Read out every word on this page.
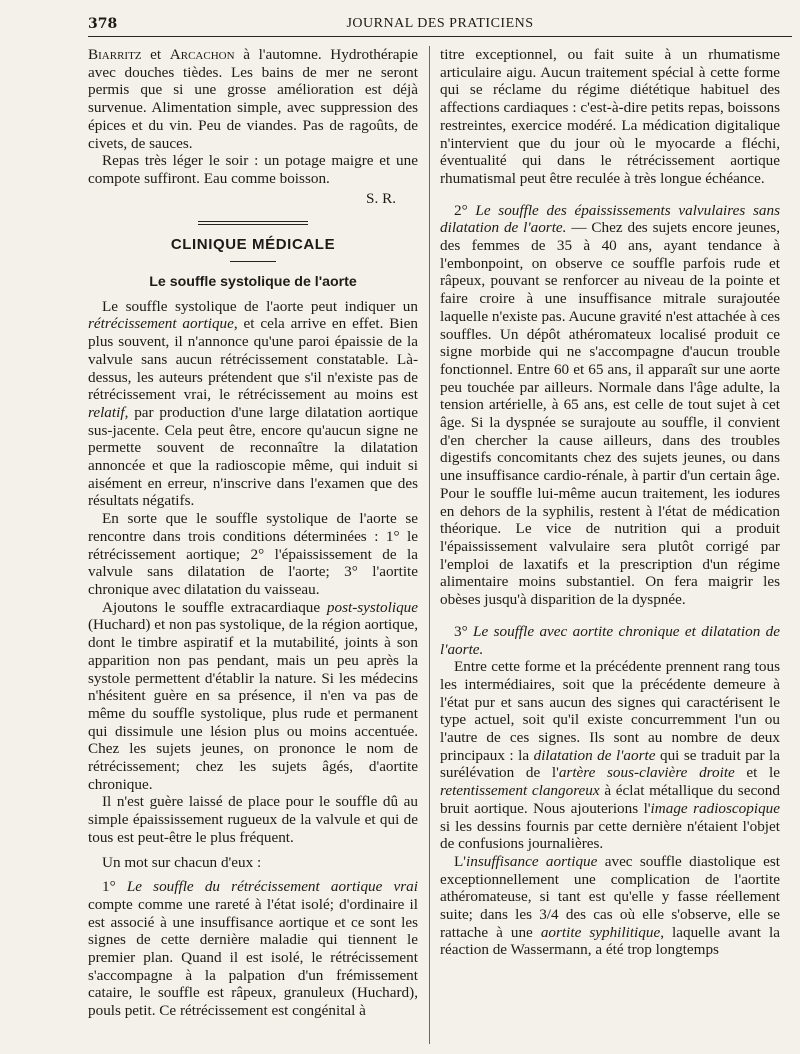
378	JOURNAL DES PRATICIENS

Biarritz et Arcachon à l'automne. Hydrothérapie avec douches tièdes. Les bains de mer ne seront permis que si une grosse amélioration est déjà survenue. Alimentation simple, avec suppression des épices et du vin. Peu de viandes. Pas de ragoûts, de civets, de sauces.

Repas très léger le soir : un potage maigre et une compote suffiront. Eau comme boisson.

S. R.
CLINIQUE MÉDICALE
Le souffle systolique de l'aorte

Le souffle systolique de l'aorte peut indiquer un rétrécissement aortique, et cela arrive en effet. Bien plus souvent, il n'annonce qu'une paroi épaissie de la valvule sans aucun rétrécissement constatable. Là-dessus, les auteurs prétendent que s'il n'existe pas de rétrécissement vrai, le rétrécissement au moins est relatif, par production d'une large dilatation aortique sus-jacente. Cela peut être, encore qu'aucun signe ne permette souvent de reconnaître la dilatation annoncée et que la radioscopie même, qui induit si aisément en erreur, n'inscrive dans l'examen que des résultats négatifs.

En sorte que le souffle systolique de l'aorte se rencontre dans trois conditions déterminées : 1° le rétrécissement aortique; 2° l'épaississement de la valvule sans dilatation de l'aorte; 3° l'aortite chronique avec dilatation du vaisseau.

Ajoutons le souffle extracardiaque post-systolique (Huchard) et non pas systolique, de la région aortique, dont le timbre aspiratif et la mutabilité, joints à son apparition non pas pendant, mais un peu après la systole permettent d'établir la nature. Si les médecins n'hésitent guère en sa présence, il n'en va pas de même du souffle systolique, plus rude et permanent qui dissimule une lésion plus ou moins accentuée. Chez les sujets jeunes, on prononce le nom de rétrécissement; chez les sujets âgés, d'aortite chronique.

Il n'est guère laissé de place pour le souffle dû au simple épaississement rugueux de la valvule et qui de tous est peut-être le plus fréquent.

Un mot sur chacun d'eux :

1° Le souffle du rétrécissement aortique vrai compte comme une rareté à l'état isolé; d'ordinaire il est associé à une insuffisance aortique et ce sont les signes de cette dernière maladie qui tiennent le premier plan. Quand il est isolé, le rétrécissement s'accompagne à la palpation d'un frémissement cataire, le souffle est râpeux, granuleux (Huchard), pouls petit. Ce rétrécissement est congénital à

titre exceptionnel, ou fait suite à un rhumatisme articulaire aigu. Aucun traitement spécial à cette forme qui se réclame du régime diététique habituel des affections cardiaques : c'est-à-dire petits repas, boissons restreintes, exercice modéré. La médication digitalique n'intervient que du jour où le myocarde a fléchi, éventualité qui dans le rétrécissement aortique rhumatismal peut être reculée à très longue échéance.

2° Le souffle des épaississements valvulaires sans dilatation de l'aorte. — Chez des sujets encore jeunes, des femmes de 35 à 40 ans, ayant tendance à l'embonpoint, on observe ce souffle parfois rude et râpeux, pouvant se renforcer au niveau de la pointe et faire croire à une insuffisance mitrale surajoutée laquelle n'existe pas. Aucune gravité n'est attachée à ces souffles. Un dépôt athéromateux localisé produit ce signe morbide qui ne s'accompagne d'aucun trouble fonctionnel. Entre 60 et 65 ans, il apparaît sur une aorte peu touchée par ailleurs. Normale dans l'âge adulte, la tension artérielle, à 65 ans, est celle de tout sujet à cet âge. Si la dyspnée se surajoute au souffle, il convient d'en chercher la cause ailleurs, dans des troubles digestifs concomitants chez des sujets jeunes, ou dans une insuffisance cardio-rénale, à partir d'un certain âge. Pour le souffle lui-même aucun traitement, les iodures en dehors de la syphilis, restent à l'état de médication théorique. Le vice de nutrition qui a produit l'épaississement valvulaire sera plutôt corrigé par l'emploi de laxatifs et la prescription d'un régime alimentaire moins substantiel. On fera maigrir les obèses jusqu'à disparition de la dyspnée.

3° Le souffle avec aortite chronique et dilatation de l'aorte.

Entre cette forme et la précédente prennent rang tous les intermédiaires, soit que la précédente demeure à l'état pur et sans aucun des signes qui caractérisent le type actuel, soit qu'il existe concurremment l'un ou l'autre de ces signes. Ils sont au nombre de deux principaux : la dilatation de l'aorte qui se traduit par la surélévation de l'artère sous-clavière droite et le retentissement clangoreux à éclat métallique du second bruit aortique. Nous ajouterions l'image radioscopique si les dessins fournis par cette dernière n'étaient l'objet de confusions journalières.

L'insuffisance aortique avec souffle diastolique est exceptionnellement une complication de l'aortite athéromateuse, si tant est qu'elle y fasse réellement suite; dans les 3/4 des cas où elle s'observe, elle se rattache à une aortite syphilitique, laquelle avant la réaction de Wassermann, a été trop longtemps
